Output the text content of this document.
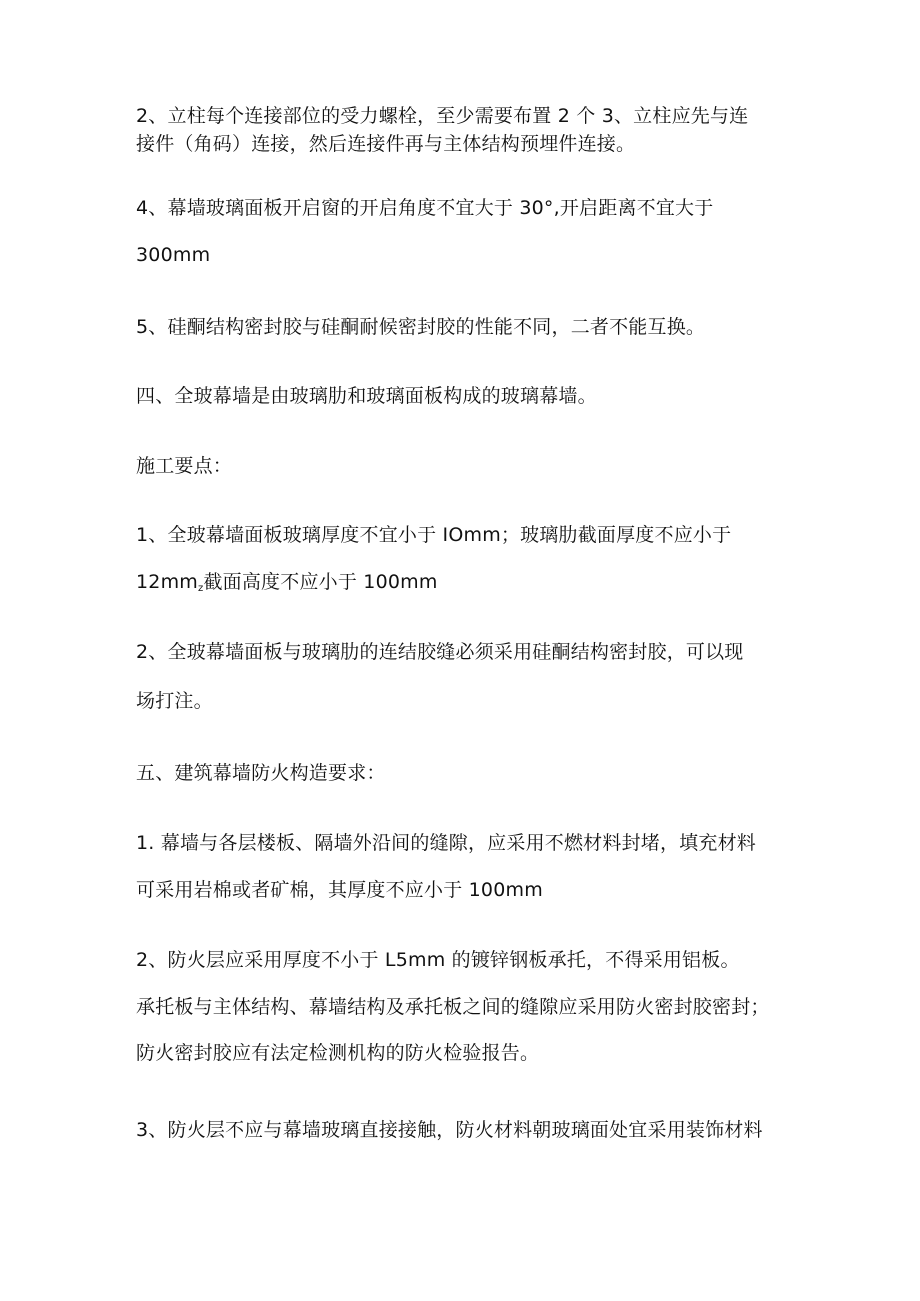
2、立柱每个连接部位的受力螺栓，至少需要布置 2 个 3、立柱应先与连
接件（角码）连接，然后连接件再与主体结构预埋件连接。
4、幕墙玻璃面板开启窗的开启角度不宜大于 30°,开启距离不宜大于
300mm
5、硅酮结构密封胶与硅酮耐候密封胶的性能不同，二者不能互换。
四、全玻幕墙是由玻璃肋和玻璃面板构成的玻璃幕墙。
施工要点：
1、全玻幕墙面板玻璃厚度不宜小于 IOmm；玻璃肋截面厚度不应小于
$12mm_z$截面高度不应小于 100mm
2、全玻幕墙面板与玻璃肋的连结胶缝必须采用硅酮结构密封胶，可以现
场打注。
五、建筑幕墙防火构造要求：
1. 幕墙与各层楼板、隔墙外沿间的缝隙，应采用不燃材料封堵，填充材料
可采用岩棉或者矿棉，其厚度不应小于 100mm
2、防火层应采用厚度不小于 L5mm 的镀锌钢板承托，不得采用铝板。
承托板与主体结构、幕墙结构及承托板之间的缝隙应采用防火密封胶密封；
防火密封胶应有法定检测机构的防火检验报告。
3、防火层不应与幕墙玻璃直接接触，防火材料朝玻璃面处宜采用装饰材料
